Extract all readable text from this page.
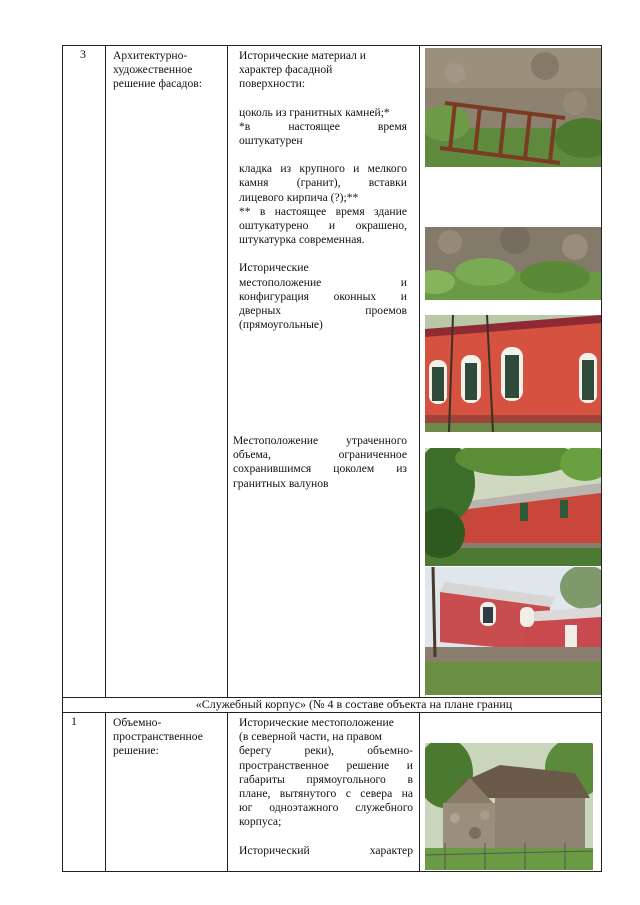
3 Архитектурно-художественное решение фасадов:
Исторические материал и
характер фасадной
поверхности:
цоколь из гранитных камней;*
*в настоящее время
оштукатурен
кладка из крупного и мелкого
камня (гранит), вставки
лицевого кирпича (?);**
** в настоящее время здание
оштукатурено и окрашено,
штукатурка современная.
Исторические
местоположение и
конфигурация оконных и
дверных проемов
(прямоугольные)
Местоположение утраченного
объема, ограниченное
сохранившимся цоколем из
гранитных валунов
«Служебный корпус» (№ 4 в составе объекта на плане границ
1	Объемно-пространственное решение:
Исторические местоположение
(в северной части, на правом
берегу реки), объемно-
пространственное решение и
габариты прямоугольного в
плане, вытянутого с севера на
юг одноэтажного служебного
корпуса;
Исторический характер
